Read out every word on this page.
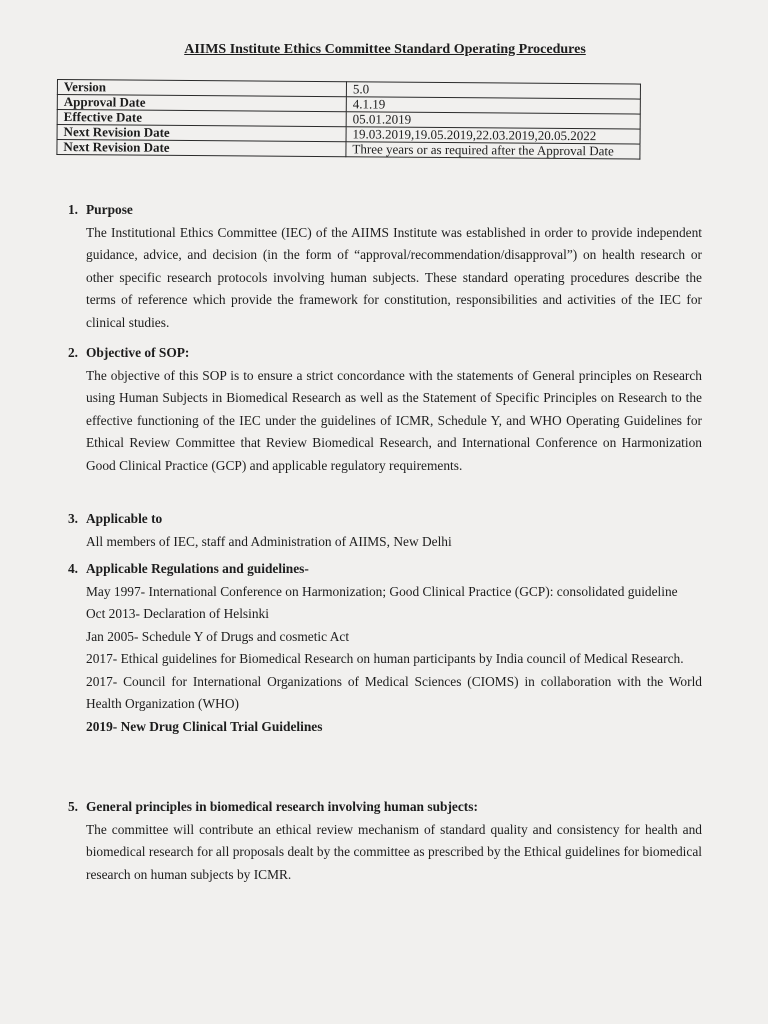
AIIMS Institute Ethics Committee Standard Operating Procedures
Version	5.0
Approval Date	4.1.19
Effective Date	05.01.2019
Next Revision Date	19.03.2019,19.05.2019,22.03.2019,20.05.2022
Next Revision Date	Three years or as required after the Approval Date
1. Purpose

The Institutional Ethics Committee (IEC) of the AIIMS Institute was established in order to provide independent guidance, advice, and decision (in the form of “approval/recommendation/disapproval”) on health research or other specific research protocols involving human subjects. These standard operating procedures describe the terms of reference which provide the framework for constitution, responsibilities and activities of the IEC for clinical studies.

2. Objective of SOP:

The objective of this SOP is to ensure a strict concordance with the statements of General principles on Research using Human Subjects in Biomedical Research as well as the Statement of Specific Principles on Research to the effective functioning of the IEC under the guidelines of ICMR, Schedule Y, and WHO Operating Guidelines for Ethical Review Committee that Review Biomedical Research, and International Conference on Harmonization Good Clinical Practice (GCP) and applicable regulatory requirements.

3. Applicable to

All members of IEC, staff and Administration of AIIMS, New Delhi

4. Applicable Regulations and guidelines-

May 1997- International Conference on Harmonization; Good Clinical Practice (GCP): consolidated guideline

Oct 2013- Declaration of Helsinki

Jan 2005- Schedule Y of Drugs and cosmetic Act

2017- Ethical guidelines for Biomedical Research on human participants by India council of Medical Research.

2017- Council for International Organizations of Medical Sciences (CIOMS) in collaboration with the World Health Organization (WHO)

2019- New Drug Clinical Trial Guidelines

5. General principles in biomedical research involving human subjects:

The committee will contribute an ethical review mechanism of standard quality and consistency for health and biomedical research for all proposals dealt by the committee as prescribed by the Ethical guidelines for biomedical research on human subjects by ICMR.
